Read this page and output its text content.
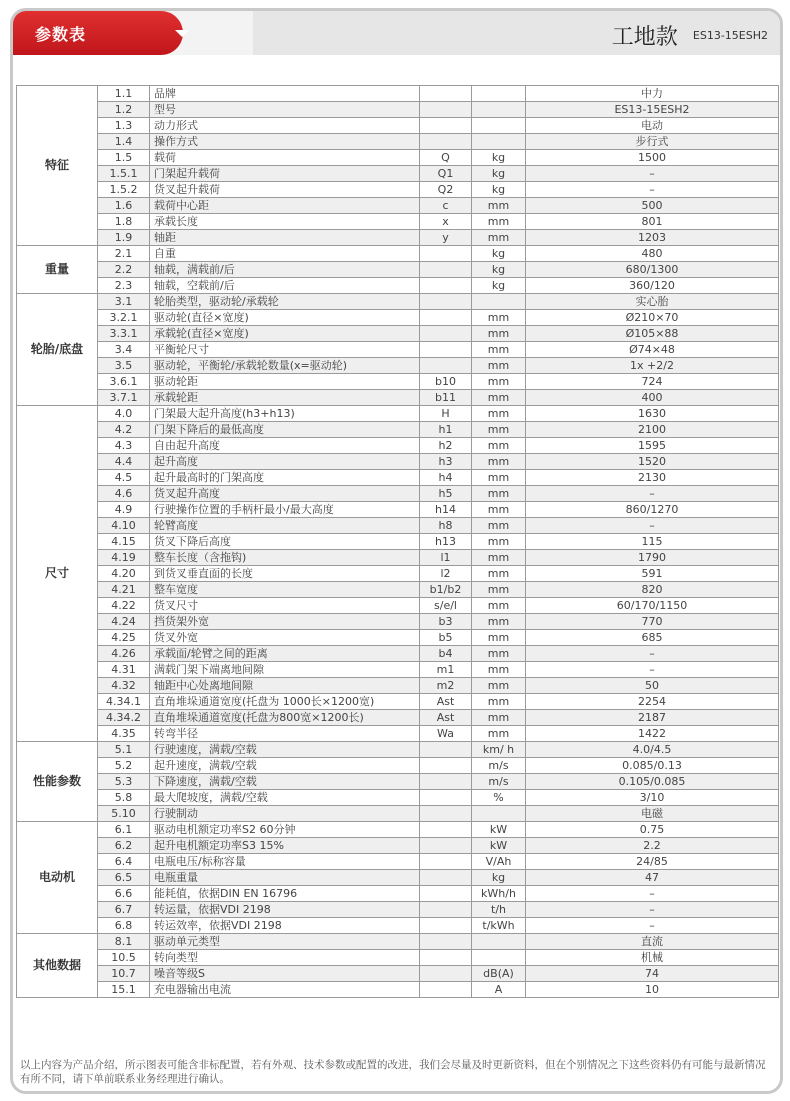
参数表	工地款 ES13-15ESH2
特征	1.1	品牌			中力
	1.2	型号			ES13-15ESH2
	1.3	动力形式			电动
	1.4	操作方式			步行式
	1.5	载荷	Q	kg	1500
	1.5.1	门架起升载荷	Q1	kg	–
	1.5.2	货叉起升载荷	Q2	kg	–
	1.6	载荷中心距	c	mm	500
	1.8	承载长度	x	mm	801
	1.9	轴距	y	mm	1203
重量	2.1	自重		kg	480
	2.2	轴载，满载前/后		kg	680/1300
	2.3	轴载，空载前/后		kg	360/120
轮胎/底盘	3.1	轮胎类型，驱动轮/承载轮			实心胎
	3.2.1	驱动轮(直径×宽度)		mm	Ø210×70
	3.3.1	承载轮(直径×宽度)		mm	Ø105×88
	3.4	平衡轮尺寸		mm	Ø74×48
	3.5	驱动轮，平衡轮/承载轮数量(x=驱动轮)		mm	1x +2/2
	3.6.1	驱动轮距	b10	mm	724
	3.7.1	承载轮距	b11	mm	400
尺寸	4.0	门架最大起升高度(h3+h13)	H	mm	1630
	4.2	门架下降后的最低高度	h1	mm	2100
	4.3	自由起升高度	h2	mm	1595
	4.4	起升高度	h3	mm	1520
	4.5	起升最高时的门架高度	h4	mm	2130
	4.6	货叉起升高度	h5	mm	–
	4.9	行驶操作位置的手柄杆最小/最大高度	h14	mm	860/1270
	4.10	轮臂高度	h8	mm	–
	4.15	货叉下降后高度	h13	mm	115
	4.19	整车长度（含拖钩)	l1	mm	1790
	4.20	到货叉垂直面的长度	l2	mm	591
	4.21	整车宽度	b1/b2	mm	820
	4.22	货叉尺寸	s/e/l	mm	60/170/1150
	4.24	挡货架外宽	b3	mm	770
	4.25	货叉外宽	b5	mm	685
	4.26	承载面/轮臂之间的距离	b4	mm	–
	4.31	满载门架下端离地间隙	m1	mm	–
	4.32	轴距中心处离地间隙	m2	mm	50
	4.34.1	直角堆垛通道宽度(托盘为 1000长×1200宽)	Ast	mm	2254
	4.34.2	直角堆垛通道宽度(托盘为800宽×1200长)	Ast	mm	2187
	4.35	转弯半径	Wa	mm	1422
性能参数	5.1	行驶速度，满载/空载		km/ h	4.0/4.5
	5.2	起升速度，满载/空载		m/s	0.085/0.13
	5.3	下降速度，满载/空载		m/s	0.105/0.085
	5.8	最大爬坡度，满载/空载		%	3/10
	5.10	行驶制动			电磁
电动机	6.1	驱动电机额定功率S2 60分钟		kW	0.75
	6.2	起升电机额定功率S3 15%		kW	2.2
	6.4	电瓶电压/标称容量		V/Ah	24/85
	6.5	电瓶重量		kg	47
	6.6	能耗值，依据DIN EN 16796		kWh/h	–
	6.7	转运量，依据VDI 2198		t/h	–
	6.8	转运效率，依据VDI 2198		t/kWh	–
其他数据	8.1	驱动单元类型			直流
	10.5	转向类型			机械
	10.7	噪音等级S		dB(A)	74
	15.1	充电器输出电流		A	10
以上内容为产品介绍，所示图表可能含非标配置，若有外观、技术参数或配置的改进，我们会尽量及时更新资料，但在个别情况之下这些资料仍有可能与最新情况有所不同，请下单前联系业务经理进行确认。
